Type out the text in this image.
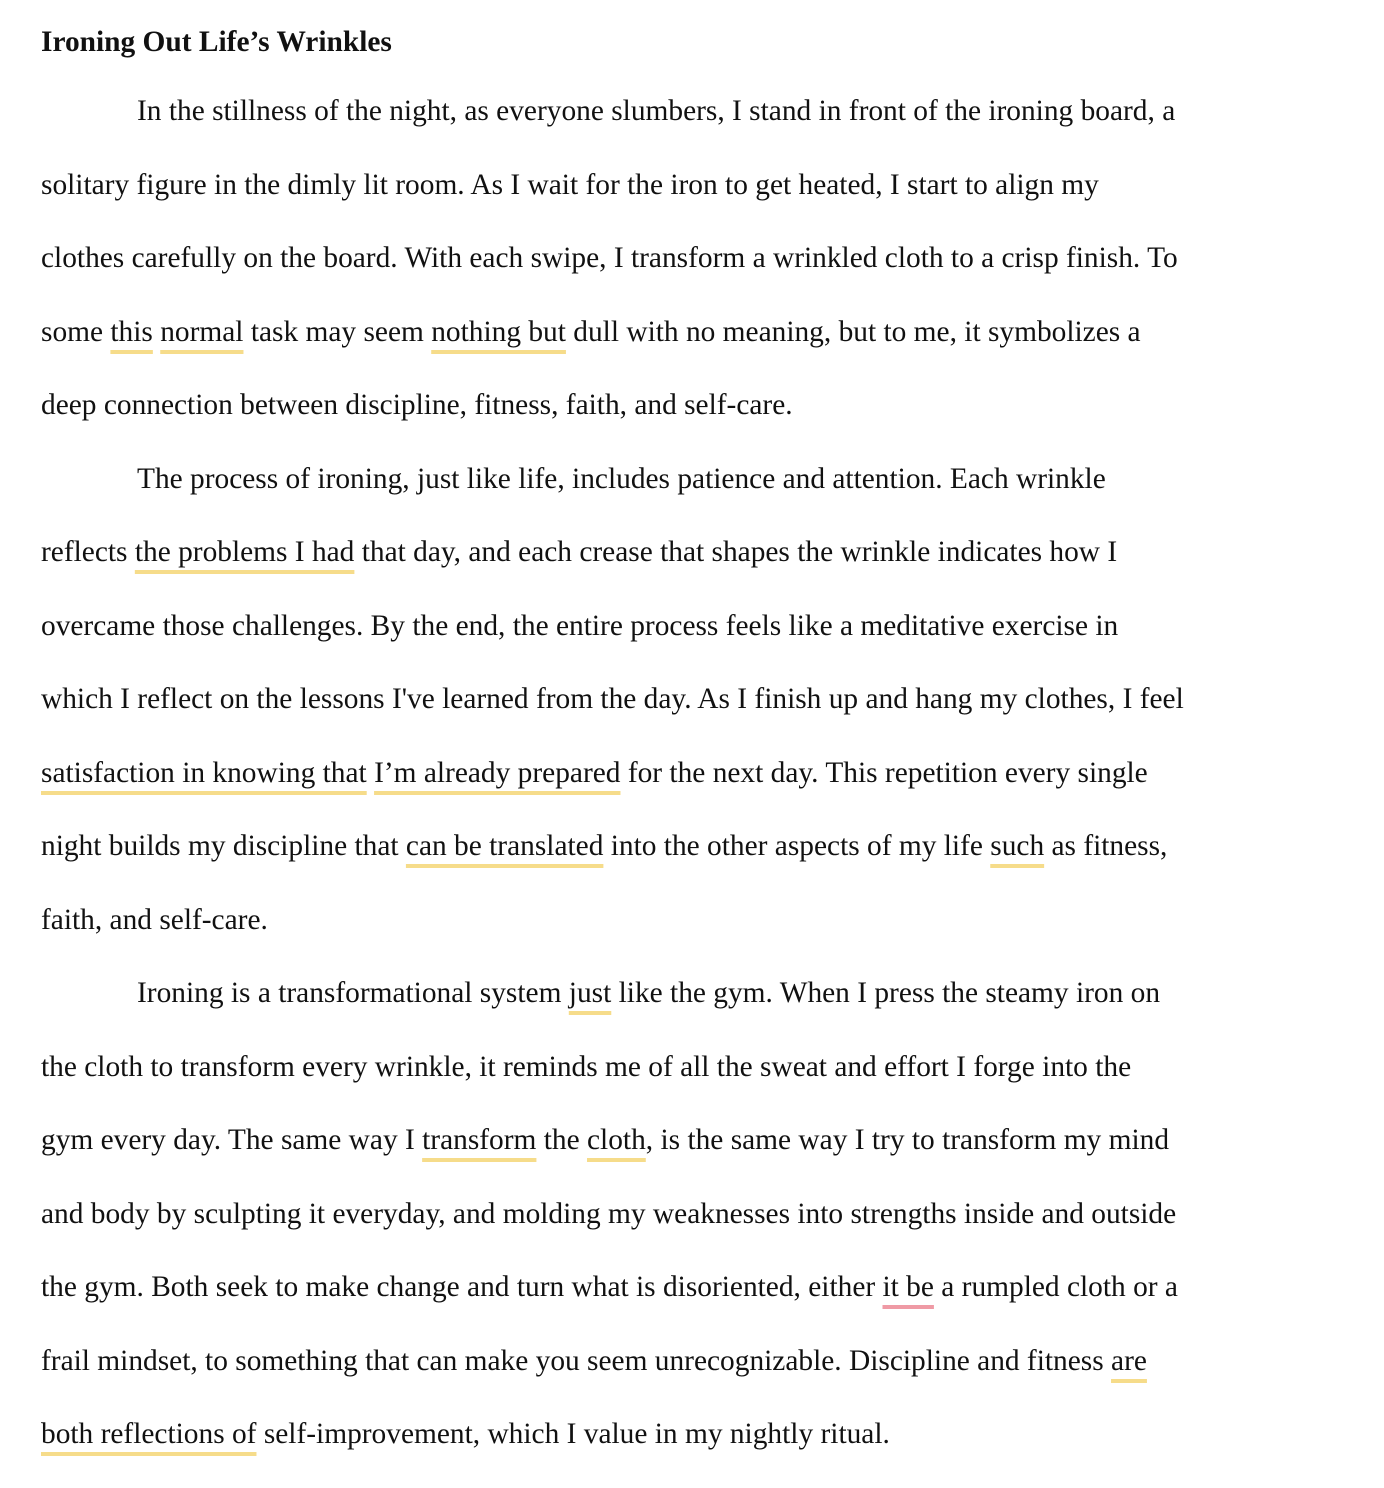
Ironing Out Life’s Wrinkles
In the stillness of the night, as everyone slumbers, I stand in front of the ironing board, a
solitary figure in the dimly lit room. As I wait for the iron to get heated, I start to align my
clothes carefully on the board. With each swipe, I transform a wrinkled cloth to a crisp finish. To
some this normal task may seem nothing but dull with no meaning, but to me, it symbolizes a
deep connection between discipline, fitness, faith, and self-care.
The process of ironing, just like life, includes patience and attention. Each wrinkle
reflects the problems I had that day, and each crease that shapes the wrinkle indicates how I
overcame those challenges. By the end, the entire process feels like a meditative exercise in
which I reflect on the lessons I've learned from the day. As I finish up and hang my clothes, I feel
satisfaction in knowing that I’m already prepared for the next day. This repetition every single
night builds my discipline that can be translated into the other aspects of my life such as fitness,
faith, and self-care.
Ironing is a transformational system just like the gym. When I press the steamy iron on
the cloth to transform every wrinkle, it reminds me of all the sweat and effort I forge into the
gym every day. The same way I transform the cloth, is the same way I try to transform my mind
and body by sculpting it everyday, and molding my weaknesses into strengths inside and outside
the gym. Both seek to make change and turn what is disoriented, either it be a rumpled cloth or a
frail mindset, to something that can make you seem unrecognizable. Discipline and fitness are
both reflections of self-improvement, which I value in my nightly ritual.
